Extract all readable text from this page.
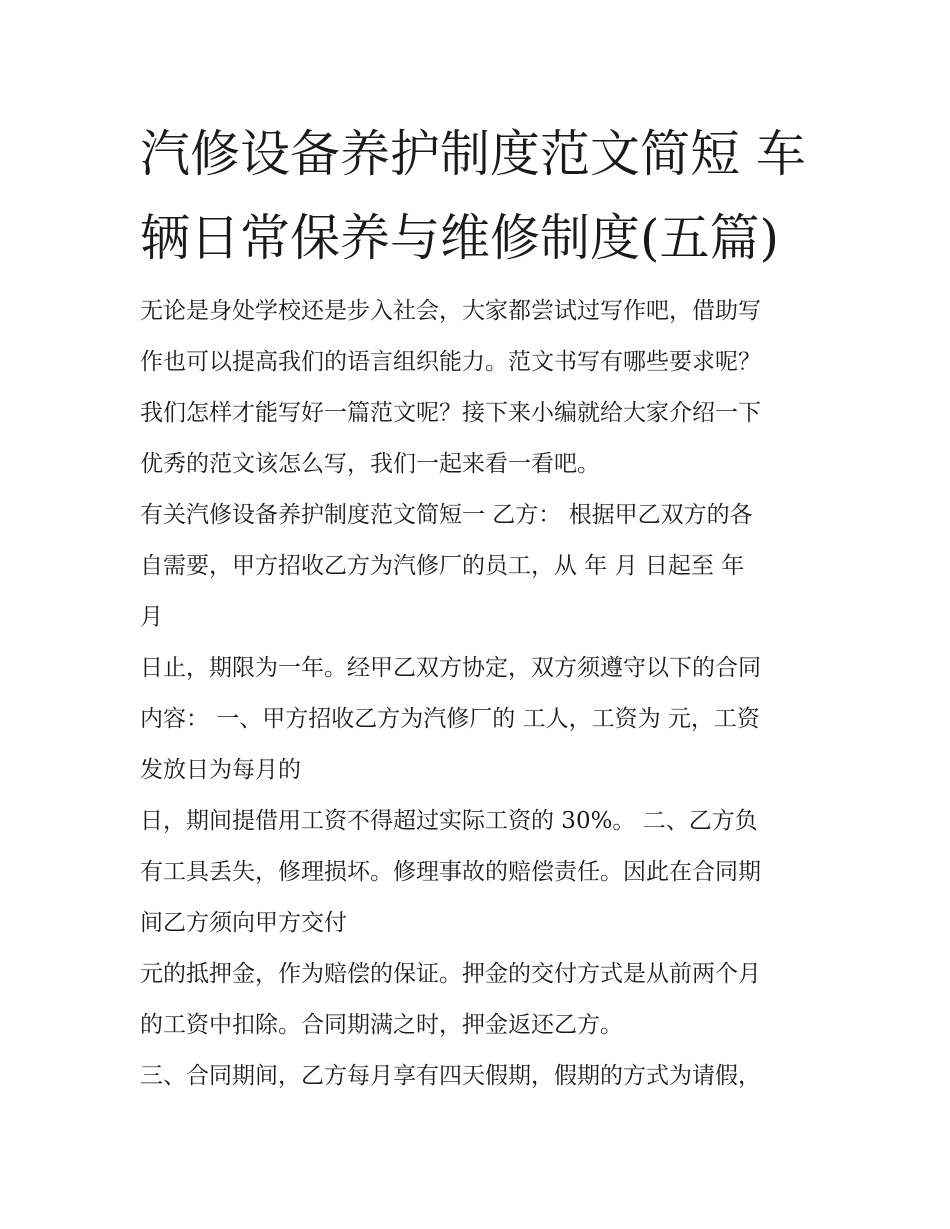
汽修设备养护制度范文简短 车
辆日常保养与维修制度(五篇)

无论是身处学校还是步入社会，大家都尝试过写作吧，借助写

作也可以提高我们的语言组织能力。范文书写有哪些要求呢？

我们怎样才能写好一篇范文呢？接下来小编就给大家介绍一下

优秀的范文该怎么写，我们一起来看一看吧。

有关汽修设备养护制度范文简短一 乙方： 根据甲乙双方的各

自需要，甲方招收乙方为汽修厂的员工，从 年 月 日起至 年

月

日止，期限为一年。经甲乙双方协定，双方须遵守以下的合同

内容： 一、甲方招收乙方为汽修厂的 工人，工资为 元，工资

发放日为每月的

日，期间提借用工资不得超过实际工资的 30%。 二、乙方负

有工具丢失，修理损坏。修理事故的赔偿责任。因此在合同期

间乙方须向甲方交付

元的抵押金，作为赔偿的保证。押金的交付方式是从前两个月

的工资中扣除。合同期满之时，押金返还乙方。

三、合同期间，乙方每月享有四天假期，假期的方式为请假，
